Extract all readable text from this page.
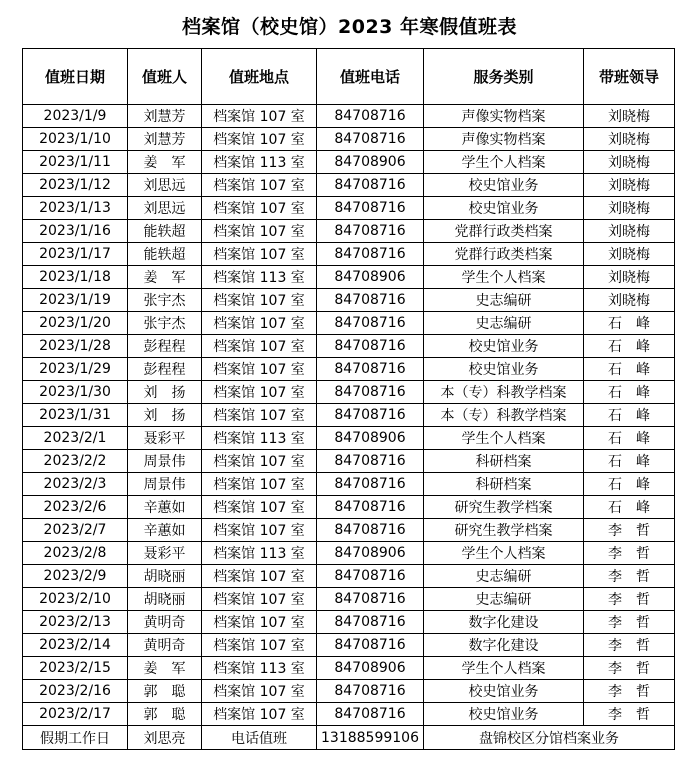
档案馆（校史馆）2023 年寒假值班表
值班日期	值班人	值班地点	值班电话	服务类别	带班领导
2023/1/9	刘慧芳	档案馆 107 室	84708716	声像实物档案	刘晓梅
2023/1/10	刘慧芳	档案馆 107 室	84708716	声像实物档案	刘晓梅
2023/1/11	姜　军	档案馆 113 室	84708906	学生个人档案	刘晓梅
2023/1/12	刘思远	档案馆 107 室	84708716	校史馆业务	刘晓梅
2023/1/13	刘思远	档案馆 107 室	84708716	校史馆业务	刘晓梅
2023/1/16	能轶超	档案馆 107 室	84708716	党群行政类档案	刘晓梅
2023/1/17	能轶超	档案馆 107 室	84708716	党群行政类档案	刘晓梅
2023/1/18	姜　军	档案馆 113 室	84708906	学生个人档案	刘晓梅
2023/1/19	张宇杰	档案馆 107 室	84708716	史志编研	刘晓梅
2023/1/20	张宇杰	档案馆 107 室	84708716	史志编研	石　峰
2023/1/28	彭程程	档案馆 107 室	84708716	校史馆业务	石　峰
2023/1/29	彭程程	档案馆 107 室	84708716	校史馆业务	石　峰
2023/1/30	刘　扬	档案馆 107 室	84708716	本（专）科教学档案	石　峰
2023/1/31	刘　扬	档案馆 107 室	84708716	本（专）科教学档案	石　峰
2023/2/1	聂彩平	档案馆 113 室	84708906	学生个人档案	石　峰
2023/2/2	周景伟	档案馆 107 室	84708716	科研档案	石　峰
2023/2/3	周景伟	档案馆 107 室	84708716	科研档案	石　峰
2023/2/6	辛蕙如	档案馆 107 室	84708716	研究生教学档案	石　峰
2023/2/7	辛蕙如	档案馆 107 室	84708716	研究生教学档案	李　哲
2023/2/8	聂彩平	档案馆 113 室	84708906	学生个人档案	李　哲
2023/2/9	胡晓丽	档案馆 107 室	84708716	史志编研	李　哲
2023/2/10	胡晓丽	档案馆 107 室	84708716	史志编研	李　哲
2023/2/13	黄明奇	档案馆 107 室	84708716	数字化建设	李　哲
2023/2/14	黄明奇	档案馆 107 室	84708716	数字化建设	李　哲
2023/2/15	姜　军	档案馆 113 室	84708906	学生个人档案	李　哲
2023/2/16	郭　聪	档案馆 107 室	84708716	校史馆业务	李　哲
2023/2/17	郭　聪	档案馆 107 室	84708716	校史馆业务	李　哲
假期工作日	刘思亮	电话值班	13188599106	盘锦校区分馆档案业务	
